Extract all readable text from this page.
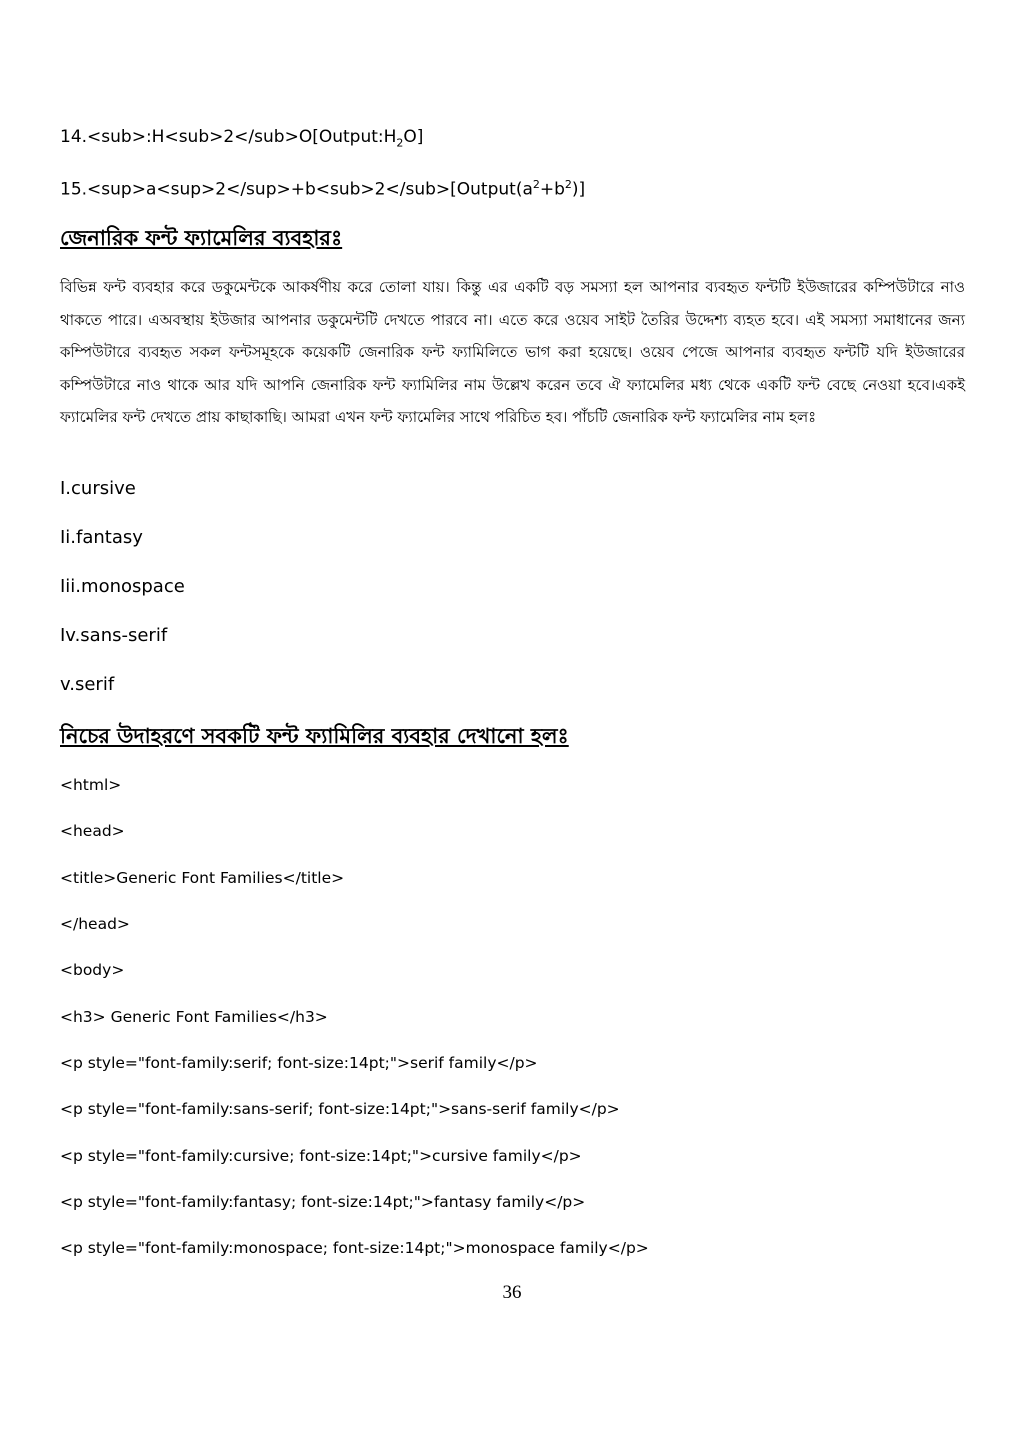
$14.<sub>:H<sub>2</sub>O[Output:H_2O]$

$15.<sup>a<sup>2</sup>+b<sub>2</sub>[Output(a^2+b^2)]$

জেনারিক ফন্ট ফ্যামেলির ব্যবহারঃ

বিভিন্ন ফন্ট ব্যবহার করে ডকুমেন্টকে আকর্ষণীয় করে তোলা যায়। কিন্তু এর একটি বড় সমস্যা হল আপনার ব্যবহৃত ফন্টটি ইউজারের কম্পিউটারে নাও থাকতে পারে। এঅবস্থায় ইউজার আপনার ডকুমেন্টটি দেখতে পারবে না। এতে করে ওয়েব সাইট তৈরির উদ্দেশ্য ব্যহত হবে। এই সমস্যা সমাধানের জন্য কম্পিউটারে ব্যবহৃত সকল ফন্টসমূহকে কয়েকটি জেনারিক ফন্ট ফ্যামিলিতে ভাগ করা হয়েছে। ওয়েব পেজে আপনার ব্যবহৃত ফন্টটি যদি ইউজারের কম্পিউটারে নাও থাকে আর যদি আপনি জেনারিক ফন্ট ফ্যামিলির নাম উল্লেখ করেন তবে ঐ ফ্যামেলির মধ্য থেকে একটি ফন্ট বেছে নেওয়া হবে।একই ফ্যামেলির ফন্ট দেখতে প্রায় কাছাকাছি। আমরা এখন ফন্ট ফ্যামেলির সাথে পরিচিত হব। পাঁচটি জেনারিক ফন্ট ফ্যামেলির নাম হলঃ

I.cursive

Ii.fantasy

Iii.monospace

Iv.sans-serif

v.serif

নিচের উদাহরণে সবকটি ফন্ট ফ্যামিলির ব্যবহার দেখানো হলঃ

<html>

<head>

<title>Generic Font Families</title>

</head>

<body>

<h3> Generic Font Families</h3>

<p style="font-family:serif; font-size:14pt;">serif family</p>

<p style="font-family:sans-serif; font-size:14pt;">sans-serif family</p>

<p style="font-family:cursive; font-size:14pt;">cursive family</p>

<p style="font-family:fantasy; font-size:14pt;">fantasy family</p>

<p style="font-family:monospace; font-size:14pt;">monospace family</p>

36
